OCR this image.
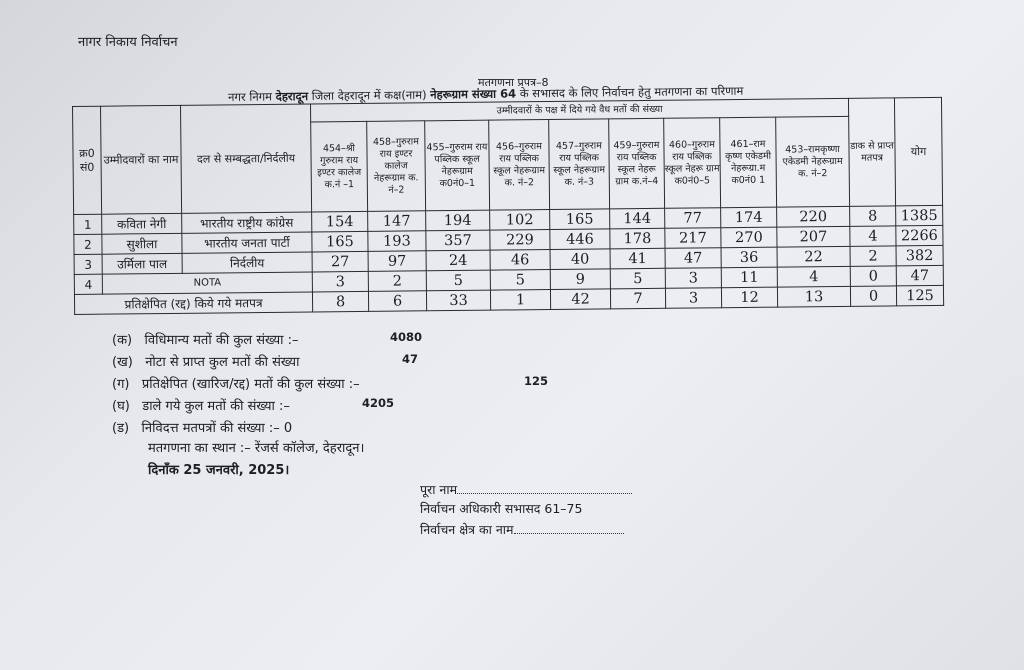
नागर निकाय निर्वाचन
मतगणना प्रपत्र–8
नगर निगम देहरादून जिला देहरादून में कक्ष(नाम) नेहरूग्राम संख्या 64 के सभासद के लिए निर्वाचन हेतु मतगणना का परिणाम
क्र0 सं0	उम्मीदवारों का नाम	दल से सम्बद्धता/निर्दलीय	उम्मीदवारों के पक्ष में दिये गये वैध मतों की संख्या									डाक से प्राप्त मतपत्र	योग
			454–श्री गुरुराम राय इण्टर कालेज क.नं –1	458–गुरुराम राय इण्टर कालेज नेहरूग्राम क. नं–2	455–गुरुराम राय पब्लिक स्कूल नेहरूग्राम क0नं0–1	456–गुरुराम राय पब्लिक स्कूल नेहरूग्राम क. नं–2	457–गुरुराम राय पब्लिक स्कूल नेहरूग्राम क. नं–3	459–गुरुराम राय पब्लिक स्कूल नेहरू ग्राम क.नं–4	460–गुरुराम राय पब्लिक स्कूल नेहरू ग्राम क0नं0–5	461–राम कृष्ण एकेडमी नेहरूग्रा.म क0नं0 1	453–रामकृष्णा एकेडमी नेहरूग्राम क. नं–2		
1	कविता नेगी	भारतीय राष्ट्रीय कांग्रेस	154	147	194	102	165	144	77	174	220	8	1385
2	सुशीला	भारतीय जनता पार्टी	165	193	357	229	446	178	217	270	207	4	2266
3	उर्मिला पाल	निर्दलीय	27	97	24	46	40	41	47	36	22	2	382
4	NOTA		3	2	5	5	9	5	3	11	4	0	47
प्रतिक्षेपित (रद्द) किये गये मतपत्र			8	6	33	1	42	7	3	12	13	0	125
(क) विधिमान्य मतों की कुल संख्या :–	4080
(ख) नोटा से प्राप्त कुल मतों की संख्या	47
(ग) प्रतिक्षेपित (खारिज/रद्द) मतों की कुल संख्या :–	125
(घ) डाले गये कुल मतों की संख्या :–	4205
(ड) निविदत्त मतपत्रों की संख्या :– 0
मतगणना का स्थान :– रेंजर्स कॉलेज, देहरादून।
दिनाँक 25 जनवरी, 2025।
पूरा नाम
निर्वाचन अधिकारी सभासद 61–75
निर्वाचन क्षेत्र का नाम
